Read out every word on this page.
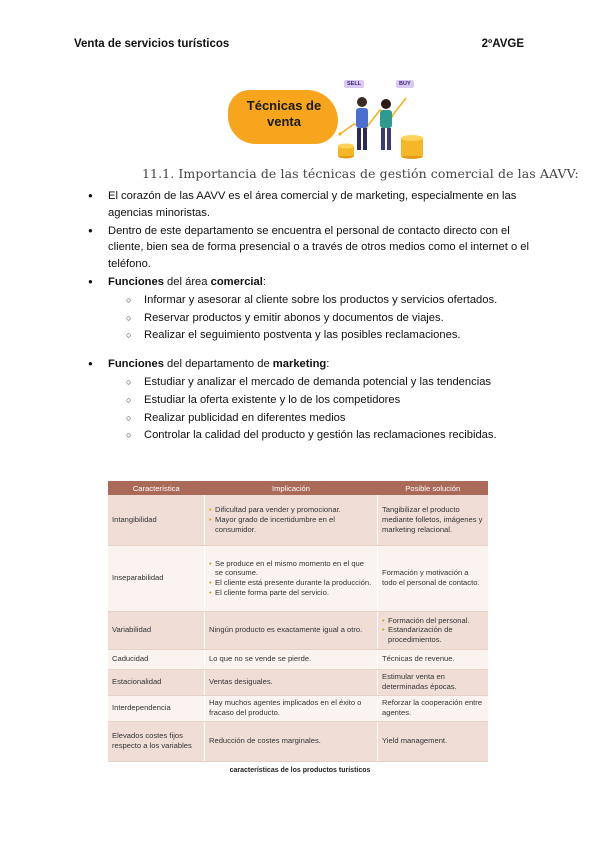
Venta de servicios turísticos	2ºAVGE
Técnicas de venta
SELL	BUY
11.1. Importancia de las técnicas de gestión comercial de las AAVV:
● El corazón de las AAVV es el área comercial y de marketing, especialmente en las agencias minoristas.
● Dentro de este departamento se encuentra el personal de contacto directo con el cliente, bien sea de forma presencial o a través de otros medios como el internet o el teléfono.
● Funciones del área comercial:
○ Informar y asesorar al cliente sobre los productos y servicios ofertados.
○ Reservar productos y emitir abonos y documentos de viajes.
○ Realizar el seguimiento postventa y las posibles reclamaciones.
● Funciones del departamento de marketing:
○ Estudiar y analizar el mercado de demanda potencial y las tendencias
○ Estudiar la oferta existente y lo de los competidores
○ Realizar publicidad en diferentes medios
○ Controlar la calidad del producto y gestión las reclamaciones recibidas.
Característica	Implicación	Posible solución
Intangibilidad	• Dificultad para vender y promocionar.
• Mayor grado de incertidumbre en el consumidor.	Tangibilizar el producto mediante folletos, imágenes y marketing relacional.
Inseparabilidad	• Se produce en el mismo momento en el que se consume.
• El cliente está presente durante la producción.
• El cliente forma parte del servicio.	Formación y motivación a todo el personal de contacto.
Variabilidad	Ningún producto es exactamente igual a otro.	• Formación del personal.
• Estandarización de procedimientos.

Caducidad	Lo que no se vende se pierde.	Técnicas de revenue.
Estacionalidad	Ventas desiguales.	Estimular venta en determinadas épocas.
Interdependencia	Hay muchos agentes implicados en el éxito o fracaso del producto.	Reforzar la cooperación entre agentes.
Elevados costes fijos respecto a los variables	Reducción de costes marginales.	Yield management.
características de los productos turísticos
